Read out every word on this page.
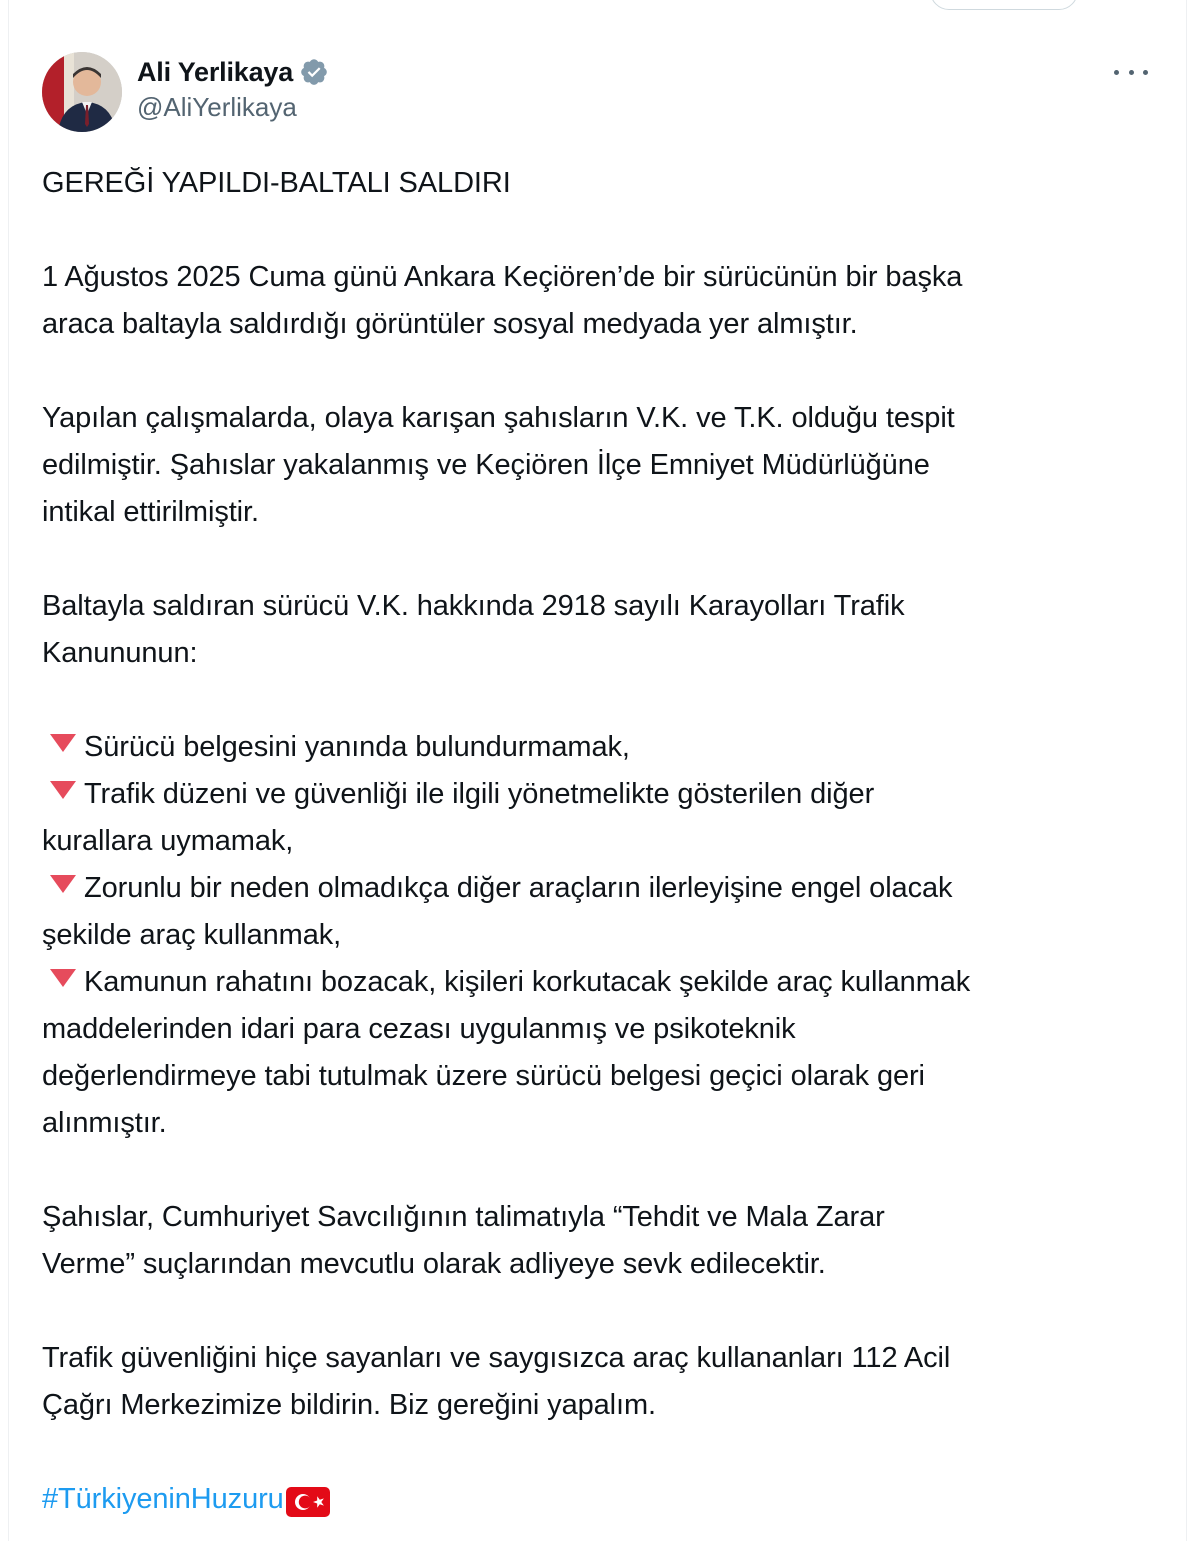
Ali Yerlikaya
@AliYerlikaya
GEREĞİ YAPILDI-BALTALI SALDIRI
1 Ağustos 2025 Cuma günü Ankara Keçiören’de bir sürücünün bir başka
araca baltayla saldırdığı görüntüler sosyal medyada yer almıştır.
Yapılan çalışmalarda, olaya karışan şahısların V.K. ve T.K. olduğu tespit
edilmiştir. Şahıslar yakalanmış ve Keçiören İlçe Emniyet Müdürlüğüne
intikal ettirilmiştir.
Baltayla saldıran sürücü V.K. hakkında 2918 sayılı Karayolları Trafik
Kanununun:
Sürücü belgesini yanında bulundurmamak,
Trafik düzeni ve güvenliği ile ilgili yönetmelikte gösterilen diğer
kurallara uymamak,
Zorunlu bir neden olmadıkça diğer araçların ilerleyişine engel olacak
şekilde araç kullanmak,
Kamunun rahatını bozacak, kişileri korkutacak şekilde araç kullanmak
maddelerinden idari para cezası uygulanmış ve psikoteknik
değerlendirmeye tabi tutulmak üzere sürücü belgesi geçici olarak geri
alınmıştır.
Şahıslar, Cumhuriyet Savcılığının talimatıyla “Tehdit ve Mala Zarar
Verme” suçlarından mevcutlu olarak adliyeye sevk edilecektir.
Trafik güvenliğini hiçe sayanları ve saygısızca araç kullananları 112 Acil
Çağrı Merkezimize bildirin. Biz gereğini yapalım.
#TürkiyeninHuzuru
